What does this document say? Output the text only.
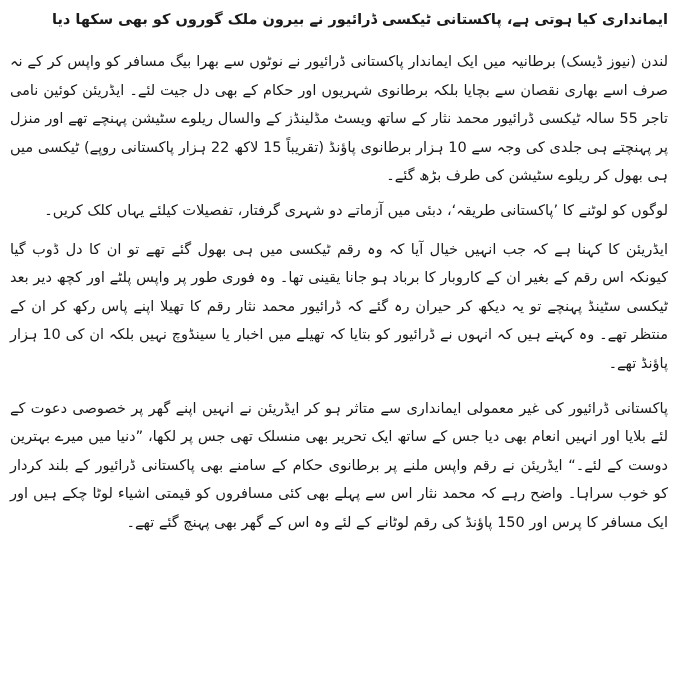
ایمانداری کیا ہوتی ہے، پاکستانی ٹیکسی ڈرائیور نے بیرون ملک گوروں کو بھی سکھا دیا

لندن (نیوز ڈیسک) برطانیہ میں ایک ایماندار پاکستانی ڈرائیور نے نوٹوں سے بھرا بیگ مسافر کو واپس کر کے نہ صرف اسے بھاری نقصان سے بچایا بلکہ برطانوی شہریوں اور حکام کے بھی دل جیت لئے۔ ایڈریئن کوئین نامی تاجر 55 سالہ ٹیکسی ڈرائیور محمد نثار کے ساتھ ویسٹ مڈلینڈز کے والسال ریلوے سٹیشن پہنچے تھے اور منزل پر پہنچتے ہی جلدی کی وجہ سے 10 ہزار برطانوی پاؤنڈ (تقریباً 15 لاکھ 22 ہزار پاکستانی روپے) ٹیکسی میں ہی بھول کر ریلوے سٹیشن کی طرف بڑھ گئے۔

لوگوں کو لوٹنے کا ’پاکستانی طریقہ‘، دبئی میں آزماتے دو شہری گرفتار، تفصیلات کیلئے یہاں کلک کریں۔

ایڈریئن کا کہنا ہے کہ جب انہیں خیال آیا کہ وہ رقم ٹیکسی میں ہی بھول گئے تھے تو ان کا دل ڈوب گیا کیونکہ اس رقم کے بغیر ان کے کاروبار کا برباد ہو جانا یقینی تھا۔ وہ فوری طور پر واپس پلٹے اور کچھ دیر بعد ٹیکسی سٹینڈ پہنچے تو یہ دیکھ کر حیران رہ گئے کہ ڈرائیور محمد نثار رقم کا تھیلا اپنے پاس رکھ کر ان کے منتظر تھے۔ وہ کہتے ہیں کہ انہوں نے ڈرائیور کو بتایا کہ تھیلے میں اخبار یا سینڈوچ نہیں بلکہ ان کی 10 ہزار پاؤنڈ تھے۔

پاکستانی ڈرائیور کی غیر معمولی ایمانداری سے متاثر ہو کر ایڈریئن نے انہیں اپنے گھر پر خصوصی دعوت کے لئے بلایا اور انہیں انعام بھی دیا جس کے ساتھ ایک تحریر بھی منسلک تھی جس پر لکھا، ”دنیا میں میرے بہترین دوست کے لئے۔“ ایڈریئن نے رقم واپس ملنے پر برطانوی حکام کے سامنے بھی پاکستانی ڈرائیور کے بلند کردار کو خوب سراہا۔ واضح رہے کہ محمد نثار اس سے پہلے بھی کئی مسافروں کو قیمتی اشیاء لوٹا چکے ہیں اور ایک مسافر کا پرس اور 150 پاؤنڈ کی رقم لوٹانے کے لئے وہ اس کے گھر بھی پہنچ گئے تھے۔
